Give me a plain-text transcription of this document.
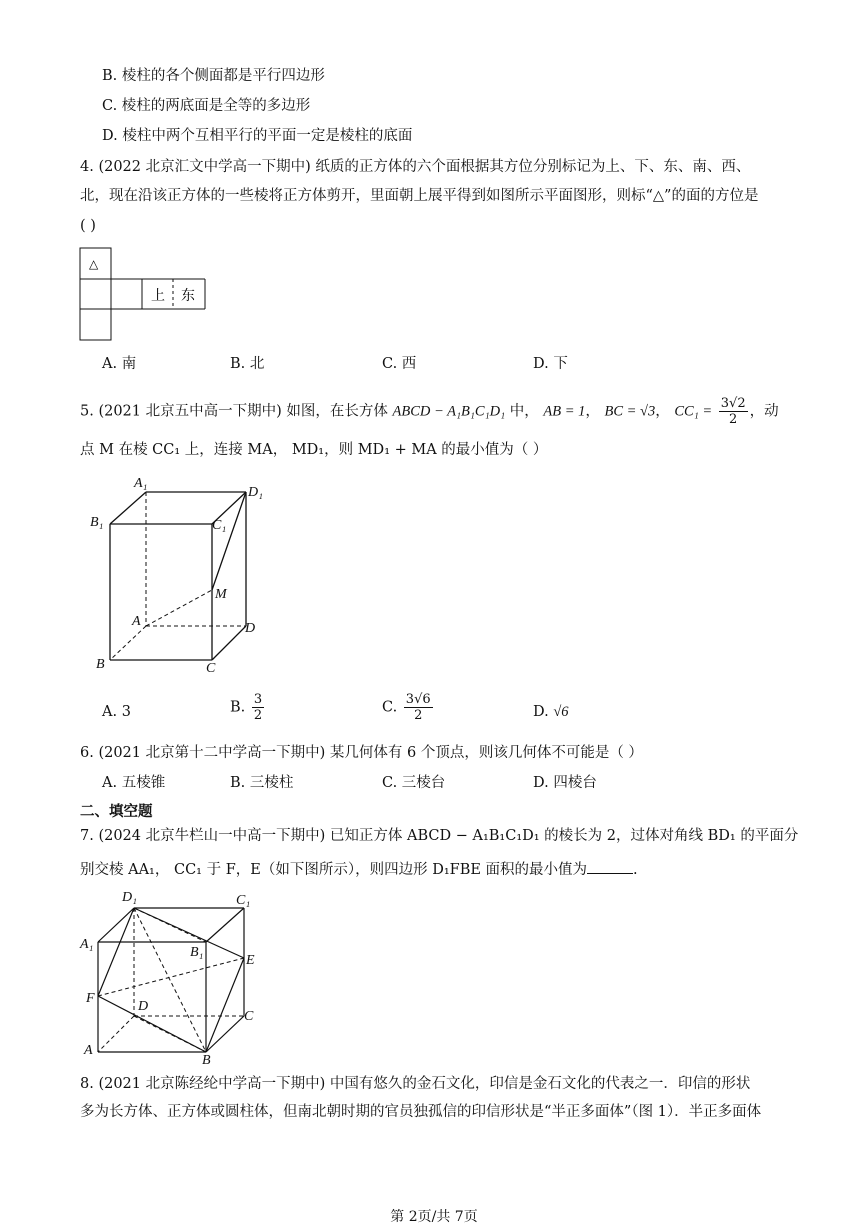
B. 棱柱的各个侧面都是平行四边形
C. 棱柱的两底面是全等的多边形
D. 棱柱中两个互相平行的平面一定是棱柱的底面
4. (2022 北京汇文中学高一下期中) 纸质的正方体的六个面根据其方位分别标记为上、下、东、南、西、
北，现在沿该正方体的一些棱将正方体剪开，里面朝上展平得到如图所示平面图形，则标“△”的面的方位是
( )
△
上 东
A. 南	B. 北	C. 西	D. 下
5. (2021 北京五中高一下期中) 如图，在长方体 ABCD − A₁B₁C₁D₁ 中， AB = 1， BC = √3， $CC_1 = \frac{3√2}{2}$ ，动
点 M 在棱 CC₁ 上，连接 MA， MD₁，则 MD₁ + MA 的最小值为（ ）
A₁
D₁
B₁	C₁
M
A	D
B	C
A. 3	B. $\frac{3}{2}$	C. $\frac{3√6}{2}$	D. √6
6. (2021 北京第十二中学高一下期中) 某几何体有 6 个顶点，则该几何体不可能是（ ）
A. 五棱锥	B. 三棱柱	C. 三棱台	D. 四棱台
二、填空题
7. (2024 北京牛栏山一中高一下期中) 已知正方体 ABCD − A₁B₁C₁D₁ 的棱长为 2，过体对角线 BD₁ 的平面分
别交棱 AA₁， CC₁ 于 F，E（如下图所示），则四边形 D₁FBE 面积的最小值为	.
D₁	C₁
A₁
B₁
E
F
D
C
A
B
8. (2021 北京陈经纶中学高一下期中) 中国有悠久的金石文化，印信是金石文化的代表之一．印信的形状
多为长方体、正方体或圆柱体，但南北朝时期的官员独孤信的印信形状是“半正多面体”（图 1）．半正多面体
第 2页/共 7页
